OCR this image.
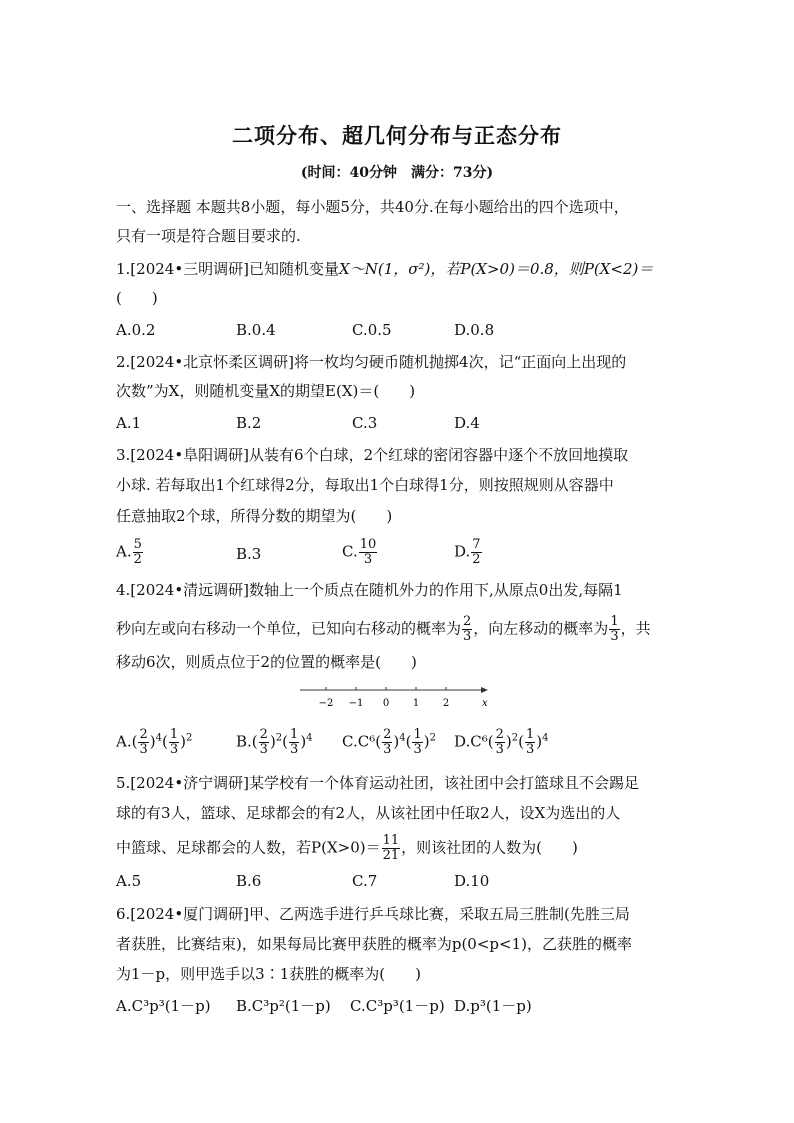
二项分布、超几何分布与正态分布
(时间：40分钟　满分：73分)
一、选择题 本题共8小题，每小题5分，共40分.在每小题给出的四个选项中，
只有一项是符合题目要求的.
1.[2024•三明调研]已知随机变量X～N(1，σ²)，若P(X>0)＝0.8，则P(X<2)＝
(　　)
A.0.2	B.0.4	C.0.5	D.0.8
2.[2024•北京怀柔区调研]将一枚均匀硬币随机抛掷4次，记“正面向上出现的
次数”为X，则随机变量X的期望E(X)＝(　　)
A.1	B.2	C.3	D.4
3.[2024•阜阳调研]从装有6个白球，2个红球的密闭容器中逐个不放回地摸取
小球. 若每取出1个红球得2分，每取出1个白球得1分，则按照规则从容器中
任意抽取2个球，所得分数的期望为(　　)
A. $\frac{5}{2}$	B.3	C. $\frac{10}{3}$	D. $\frac{7}{2}$
4.[2024•清远调研]数轴上一个质点在随机外力的作用下,从原点0出发,每隔1
秒向左或向右移动一个单位，已知向右移动的概率为 $\frac{2}{3}$ ，向左移动的概率为 $\frac{1}{3}$ ，共
移动6次，则质点位于2的位置的概率是(　　)
−2 −1 0 1 2	x
$A.( \frac{2}{3} )^4( \frac{1}{3} )^2$	$B.( \frac{2}{3} )^2( \frac{1}{3} )^4$ $C.C^6( \frac{2}{3} )^4( \frac{1}{3} )^2$ $D.C^6( \frac{2}{3} )^2( \frac{1}{3} )^4$
5.[2024•济宁调研]某学校有一个体育运动社团，该社团中会打篮球且不会踢足
球的有3人，篮球、足球都会的有2人，从该社团中任取2人，设X为选出的人
中篮球、足球都会的人数，若$P(X>0)= \frac{11}{21}$ ，则该社团的人数为(　　)
A.5	B.6	C.7	D.10
6.[2024•厦门调研]甲、乙两选手进行乒乓球比赛，采取五局三胜制(先胜三局
者获胜，比赛结束)，如果每局比赛甲获胜的概率为p(0<p<1)，乙获胜的概率
为1－p，则甲选手以3∶1获胜的概率为(　　)
A.C³p³(1－p) B.C³p²(1－p) C.C³p³(1－p) D.p³(1－p)
